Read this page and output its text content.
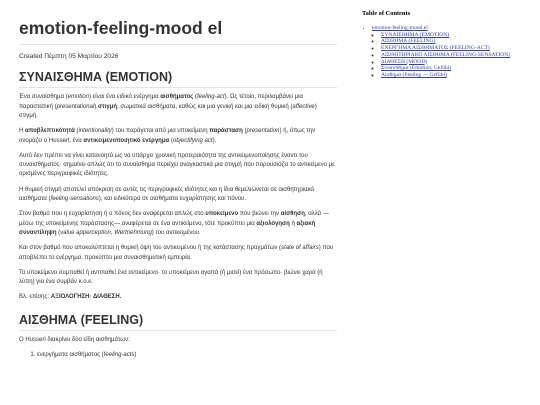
emotion-feeling-mood el
Created Πέμπτη 05 Μαρτίου 2026
ΣΥΝΑΙΣΘΗΜΑ (EMOTION)

Ένα συναίσθημα (emotion) είναι ένα ειδικό ενέργημα αισθήματος (feeling-act). Ως τέτοιο, περιλαμβάνει μια παραστατική (presentational) στιγμή, σωματικά αισθήματα, καθώς και μια γενική και μια ειδική θυμική (affective) στιγμή.

Η αποβλεπτικότητά (intentionality) του παράγεται από μια υποκείμενη παράσταση (presentation) ή, όπως την ονομάζει ο Husserl, ένα αντικειμενοποιητικό ενέργημα (objectifying act).

Αυτό δεν πρέπει να γίνει κατανοητό ως να υπάρχει χρονική προτεραιότητα της αντικειμενοποίησης έναντι του συναισθήματος· σημαίνει απλώς ότι το συναίσθημα περιέχει αναγκαστικά μια στιγμή που παρουσιάζει το αντικείμενο με ορισμένες περιγραφικές ιδιότητες.

Η θυμική στιγμή αποτελεί απόκριση σε αυτές τις περιγραφικές ιδιότητες και η ίδια θεμελιώνεται σε αισθητηριακά αισθήματα (feeling-sensations), και ειδικότερα σε αισθήματα ευχαρίστησης και πόνου.

Στον βαθμό που η ευχαρίστηση ή ο πόνος δεν αναφέρεται απλώς στο υποκείμενο που βιώνει την αίσθηση, αλλά —μέσω της υποκείμενης παράστασης— αναφέρεται σε ένα αντικείμενο, τότε προκύπτει μια αξιολόγηση ή αξιακή συναντίληψη (value apperception, Wertnehmung) του αντικειμένου.

Και στον βαθμό που αποκαλύπτεται η θυμική όψη του αντικειμένου ή της κατάστασης πραγμάτων (state of affairs) που αποβλέπει το ενέργημα, προκύπτει μια συναισθηματική εμπειρία.

Το υποκείμενο συμπαθεί ή αντιπαθεί ένα αντικείμενο· το υποκείμενο αγαπά (ή μισεί) ένα πρόσωπο· βιώνει χαρά (ή λύπη) για ένα συμβάν κ.ο.κ.

Βλ. επίσης: ΑΞΙΟΛΟΓΗΣΗ· ΔΙΑΘΕΣΗ.

ΑΙΣΘΗΜΑ (FEELING)

Ο Husserl διακρίνει δύο είδη αισθημάτων:

1. ενεργήματα αισθήματος (feeling-acts)
Table of Contents
• emotion-feeling-mood el
◦ ΣΥΝΑΙΣΘΗΜΑ (EMOTION)
◦ ΑΙΣΘΗΜΑ (FEELING)
◦ ΕΝΕΡΓΗΜΑ ΑΙΣΘΗΜΑΤΟΣ (FEELING-ACT)
◦ ΑΙΣΘΗΤΗΡΙΑΚΟ ΑΙΣΘΗΜΑ (FEELING-SENSATION)
◦ ΔΙΑΘΕΣΗ (MOOD)
◦ Συναίσθημα (Emotion, Gefühl)
◦ Αίσθημα (Feeling — Gefühl)
